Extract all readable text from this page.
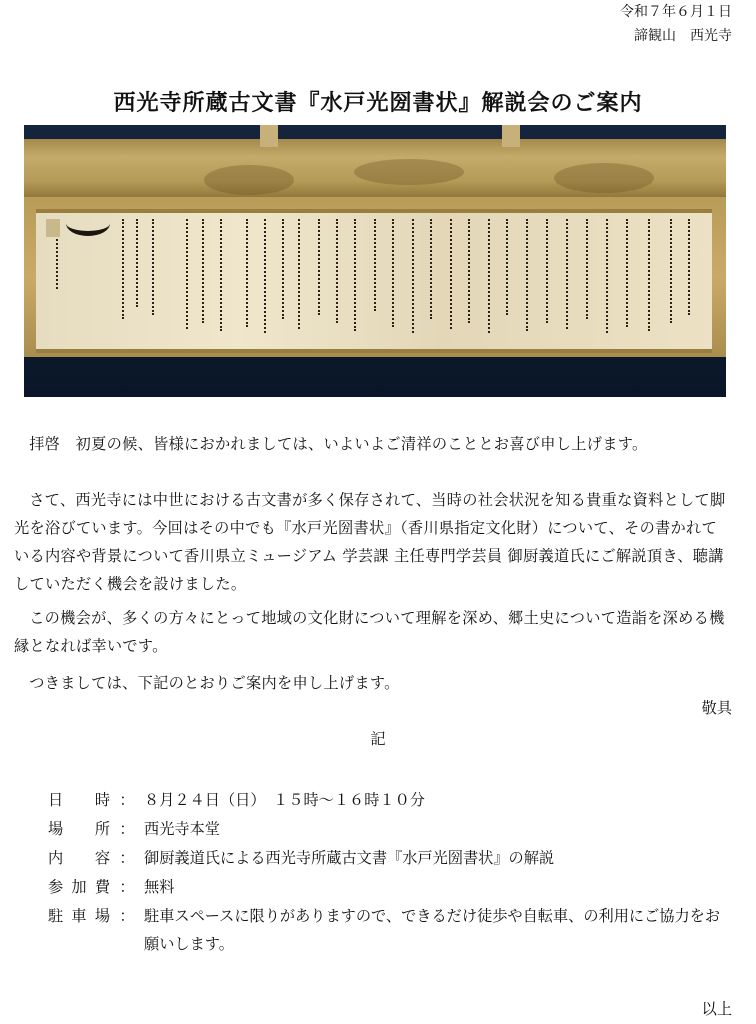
令和７年６月１日
諦観山　西光寺
西光寺所蔵古文書『水戸光圀書状』解説会のご案内
拝啓　初夏の候、皆様におかれましては、いよいよご清祥のこととお喜び申し上げます。
さて、西光寺には中世における古文書が多く保存されて、当時の社会状況を知る貴重な資料として脚光を浴びています。今回はその中でも『水戸光圀書状』（香川県指定文化財）について、その書かれている内容や背景について香川県立ミュージアム 学芸課 主任専門学芸員 御厨義道氏にご解説頂き、聴講していただく機会を設けました。
この機会が、多くの方々にとって地域の文化財について理解を深め、郷土史について造詣を深める機縁となれば幸いです。
つきましては、下記のとおりご案内を申し上げます。
敬具
記
日時 ： ８月２４日（日）　１５時～１６時１０分
場所 ： 西光寺本堂
内容 ： 御厨義道氏による西光寺所蔵古文書『水戸光圀書状』の解説
参加費 ： 無料
駐車場 ： 駐車スペースに限りがありますので、できるだけ徒歩や自転車、の利用にご協力をお願いします。
以上
